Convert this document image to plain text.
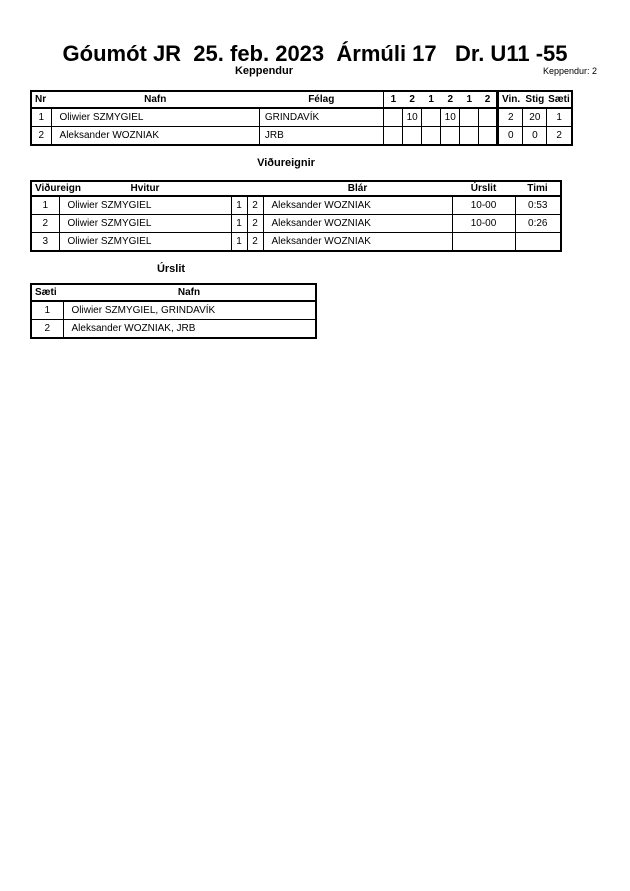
Góumót JR  25. feb. 2023  Ármúli 17   Dr. U11 -55
Keppendur	Keppendur: 2
Nr	Nafn	Félag	1	2	1	2	1	2	Vin.	Stig	Sæti
1	Oliwier SZMYGIEL	GRINDAVÍK		10		10			2	20	1
2	Aleksander WOZNIAK	JRB							0	0	2
Viðureignir
Viðureign	Hvitur			Blár	Úrslit	Timi
1	Oliwier SZMYGIEL	1	2	Aleksander WOZNIAK	10-00	0:53
2	Oliwier SZMYGIEL	1	2	Aleksander WOZNIAK	10-00	0:26
3	Oliwier SZMYGIEL	1	2	Aleksander WOZNIAK		
Úrslit
Sæti	Nafn
1	Oliwier SZMYGIEL, GRINDAVÍK
2	Aleksander WOZNIAK, JRB
